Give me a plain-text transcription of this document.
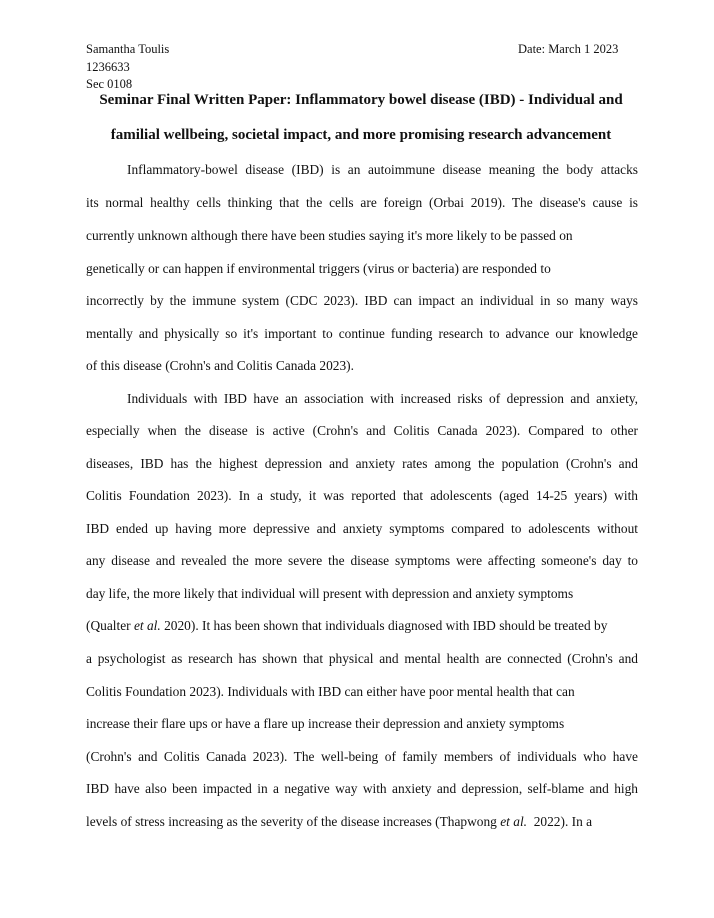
Samantha Toulis
1236633
Sec 0108
Date: March 1 2023
Seminar Final Written Paper: Inflammatory bowel disease (IBD) - Individual and
familial wellbeing, societal impact, and more promising research advancement
Inflammatory-bowel disease (IBD) is an autoimmune disease meaning the body attacks
its normal healthy cells thinking that the cells are foreign (Orbai 2019). The disease's cause is
currently unknown although there have been studies saying it's more likely to be passed on
genetically or can happen if environmental triggers (virus or bacteria) are responded to
incorrectly by the immune system (CDC 2023). IBD can impact an individual in so many ways
mentally and physically so it's important to continue funding research to advance our knowledge
of this disease (Crohn's and Colitis Canada 2023).
Individuals with IBD have an association with increased risks of depression and anxiety,
especially when the disease is active (Crohn's and Colitis Canada 2023). Compared to other
diseases, IBD has the highest depression and anxiety rates among the population (Crohn's and
Colitis Foundation 2023). In a study, it was reported that adolescents (aged 14-25 years) with
IBD ended up having more depressive and anxiety symptoms compared to adolescents without
any disease and revealed the more severe the disease symptoms were affecting someone's day to
day life, the more likely that individual will present with depression and anxiety symptoms
(Qualter et al. 2020). It has been shown that individuals diagnosed with IBD should be treated by
a psychologist as research has shown that physical and mental health are connected (Crohn's and
Colitis Foundation 2023). Individuals with IBD can either have poor mental health that can
increase their flare ups or have a flare up increase their depression and anxiety symptoms
(Crohn's and Colitis Canada 2023). The well-being of family members of individuals who have
IBD have also been impacted in a negative way with anxiety and depression, self-blame and high
levels of stress increasing as the severity of the disease increases (Thapwong et al.  2022). In a
